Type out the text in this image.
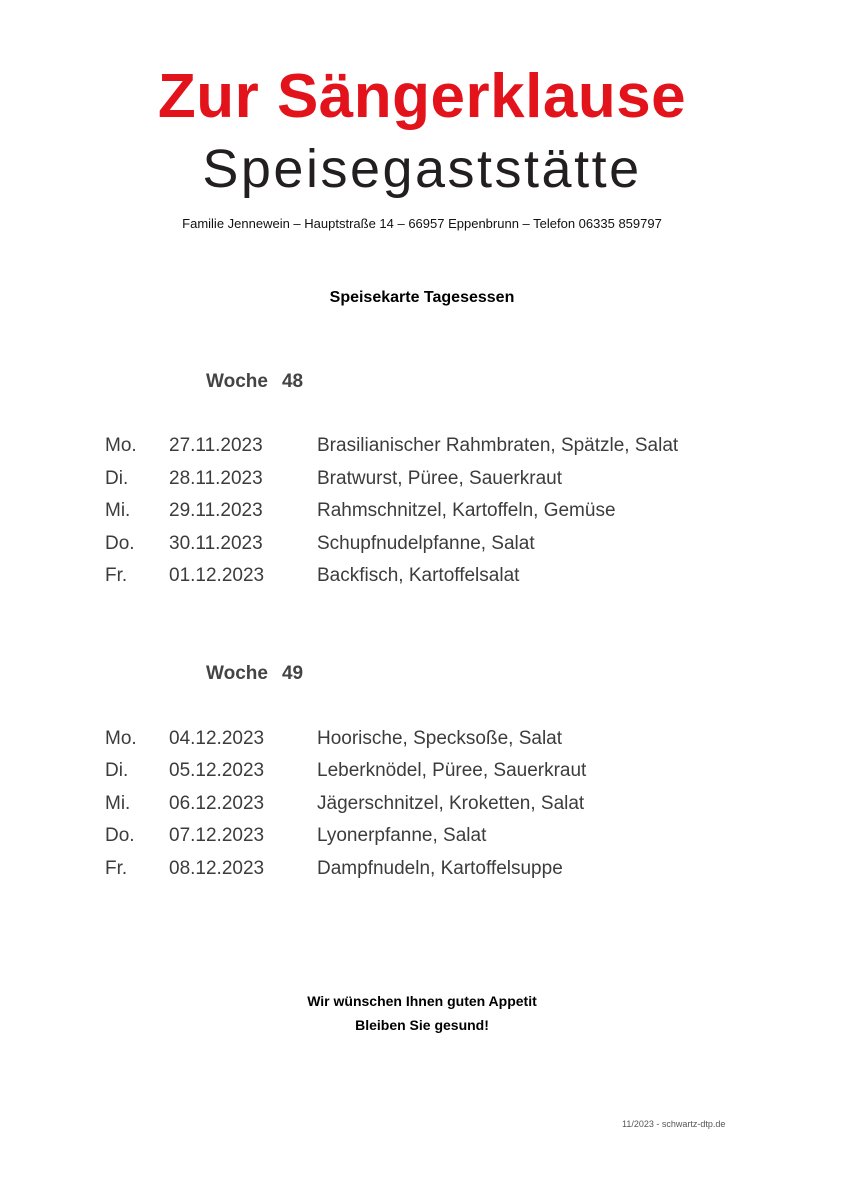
Zur Sängerklause
Speisegaststätte
Familie Jennewein – Hauptstraße 14 – 66957 Eppenbrunn – Telefon 06335 859797
Speisekarte Tagesessen
Woche 48
Mo. 27.11.2023	Brasilianischer Rahmbraten, Spätzle, Salat
Di. 28.11.2023	Bratwurst, Püree, Sauerkraut
Mi. 29.11.2023	Rahmschnitzel, Kartoffeln, Gemüse
Do. 30.11.2023	Schupfnudelpfanne, Salat
Fr. 01.12.2023	Backfisch, Kartoffelsalat
Woche 49
Mo. 04.12.2023	Hoorische, Specksoße, Salat
Di. 05.12.2023	Leberknödel, Püree, Sauerkraut
Mi. 06.12.2023	Jägerschnitzel, Kroketten, Salat
Do. 07.12.2023	Lyonerpfanne, Salat
Fr. 08.12.2023	Dampfnudeln, Kartoffelsuppe
Wir wünschen Ihnen guten Appetit
Bleiben Sie gesund!
11/2023 - schwartz-dtp.de
